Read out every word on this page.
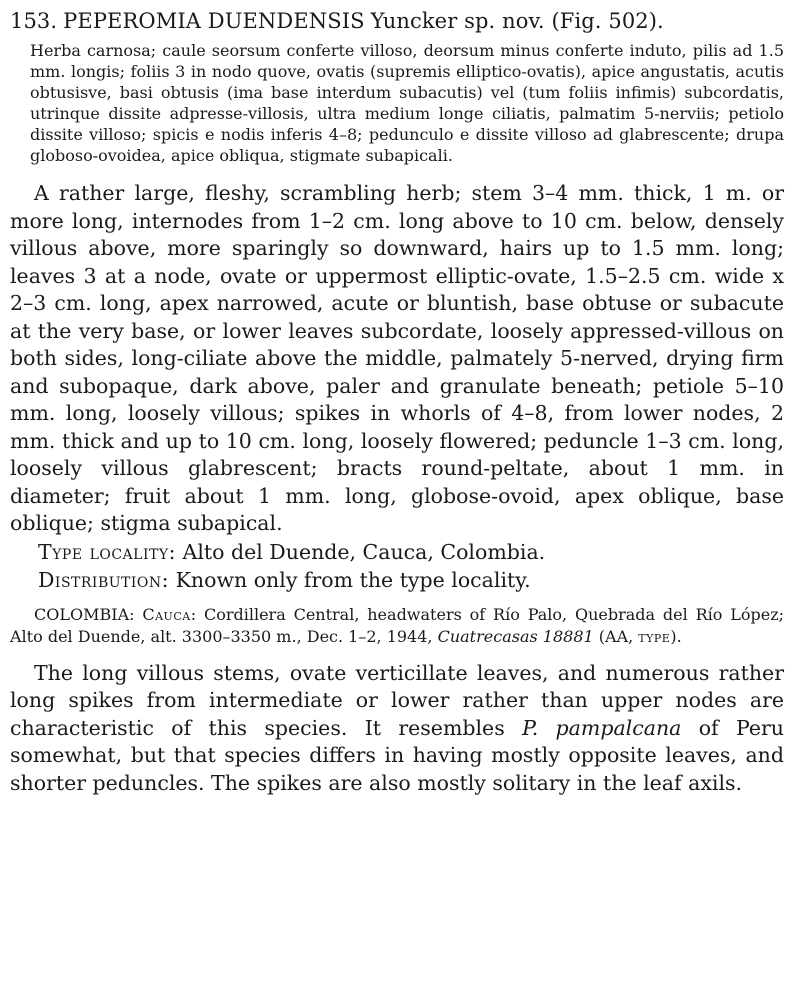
153. PEPEROMIA DUENDENSIS Yuncker sp. nov. (Fig. 502).

Herba carnosa; caule seorsum conferte villoso, deorsum minus conferte induto, pilis ad 1.5 mm. longis; foliis 3 in nodo quove, ovatis (supremis elliptico-ovatis), apice angustatis, acutis obtusisve, basi obtusis (ima base interdum subacutis) vel (tum foliis infimis) subcordatis, utrinque dissite adpresse-villosis, ultra medium longe ciliatis, palmatim 5-nerviis; petiolo dissite villoso; spicis e nodis inferis 4–8; pedunculo e dissite villoso ad glabrescente; drupa globoso-ovoidea, apice obliqua, stigmate subapicali.

A rather large, fleshy, scrambling herb; stem 3–4 mm. thick, 1 m. or more long, internodes from 1–2 cm. long above to 10 cm. below, densely villous above, more sparingly so downward, hairs up to 1.5 mm. long; leaves 3 at a node, ovate or uppermost elliptic-ovate, 1.5–2.5 cm. wide x 2–3 cm. long, apex narrowed, acute or bluntish, base obtuse or subacute at the very base, or lower leaves subcordate, loosely appressed-villous on both sides, long-ciliate above the middle, palmately 5-nerved, drying firm and subopaque, dark above, paler and granulate beneath; petiole 5–10 mm. long, loosely villous; spikes in whorls of 4–8, from lower nodes, 2 mm. thick and up to 10 cm. long, loosely flowered; peduncle 1–3 cm. long, loosely villous glabrescent; bracts round-peltate, about 1 mm. in diameter; fruit about 1 mm. long, globose-ovoid, apex oblique, base oblique; stigma subapical.

Type locality: Alto del Duende, Cauca, Colombia.

Distribution: Known only from the type locality.

COLOMBIA: Cauca: Cordillera Central, headwaters of Río Palo, Quebrada del Río López; Alto del Duende, alt. 3300–3350 m., Dec. 1–2, 1944, Cuatrecasas 18881 (AA, type).

The long villous stems, ovate verticillate leaves, and numerous rather long spikes from intermediate or lower rather than upper nodes are characteristic of this species. It resembles P. pampalcana of Peru somewhat, but that species differs in having mostly opposite leaves, and shorter peduncles. The spikes are also mostly solitary in the leaf axils.
